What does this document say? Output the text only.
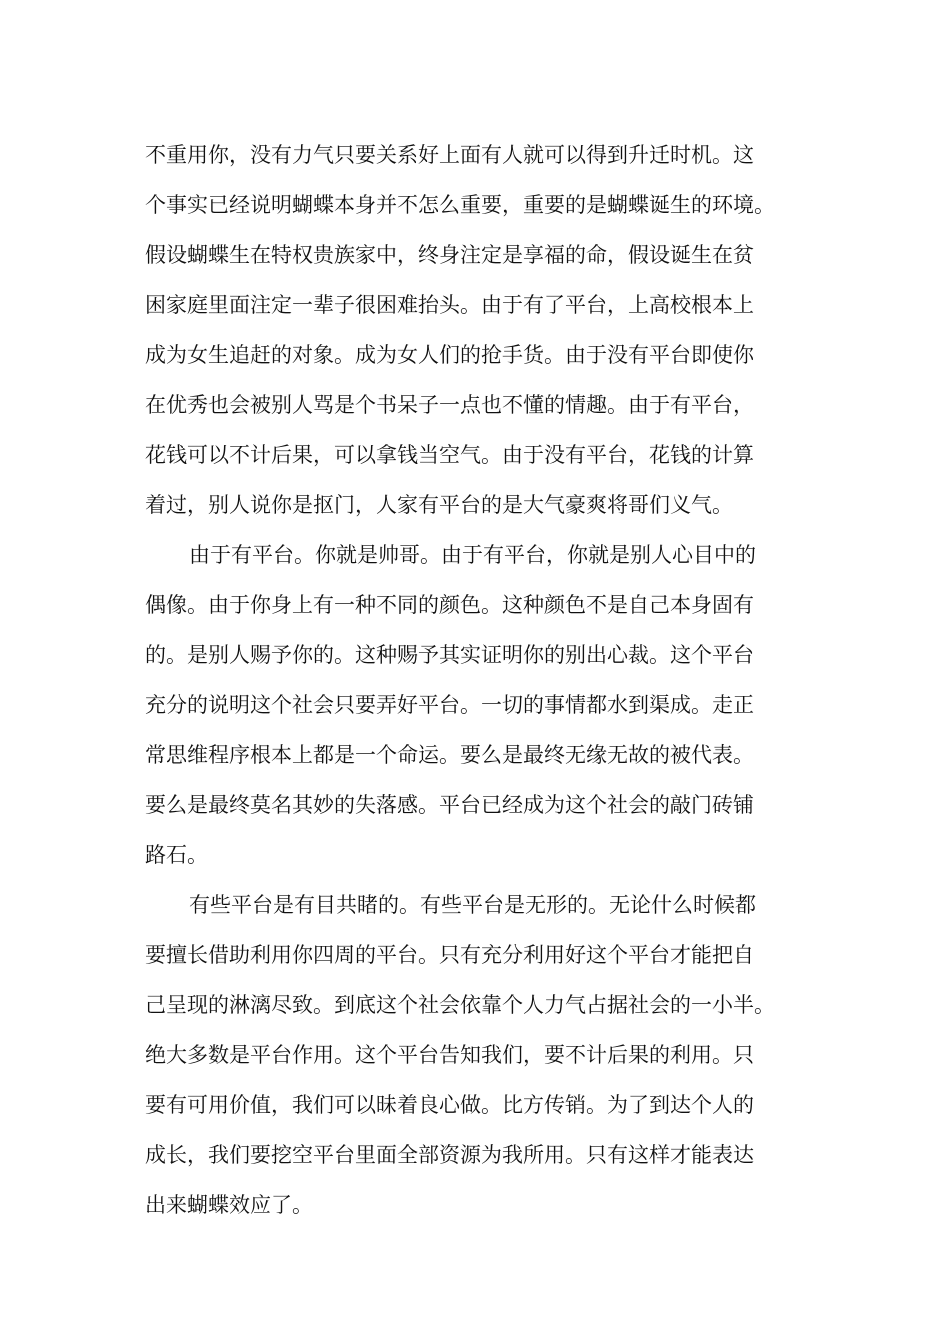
不重用你，没有力气只要关系好上面有人就可以得到升迁时机。这
个事实已经说明蝴蝶本身并不怎么重要，重要的是蝴蝶诞生的环境。
假设蝴蝶生在特权贵族家中，终身注定是享福的命，假设诞生在贫
困家庭里面注定一辈子很困难抬头。由于有了平台，上高校根本上
成为女生追赶的对象。成为女人们的抢手货。由于没有平台即使你
在优秀也会被别人骂是个书呆子一点也不懂的情趣。由于有平台，
花钱可以不计后果，可以拿钱当空气。由于没有平台，花钱的计算
着过，别人说你是抠门，人家有平台的是大气豪爽将哥们义气。
由于有平台。你就是帅哥。由于有平台，你就是别人心目中的
偶像。由于你身上有一种不同的颜色。这种颜色不是自己本身固有
的。是别人赐予你的。这种赐予其实证明你的别出心裁。这个平台
充分的说明这个社会只要弄好平台。一切的事情都水到渠成。走正
常思维程序根本上都是一个命运。要么是最终无缘无故的被代表。
要么是最终莫名其妙的失落感。平台已经成为这个社会的敲门砖铺
路石。
有些平台是有目共睹的。有些平台是无形的。无论什么时候都
要擅长借助利用你四周的平台。只有充分利用好这个平台才能把自
己呈现的淋漓尽致。到底这个社会依靠个人力气占据社会的一小半。
绝大多数是平台作用。这个平台告知我们，要不计后果的利用。只
要有可用价值，我们可以昧着良心做。比方传销。为了到达个人的
成长，我们要挖空平台里面全部资源为我所用。只有这样才能表达
出来蝴蝶效应了。
